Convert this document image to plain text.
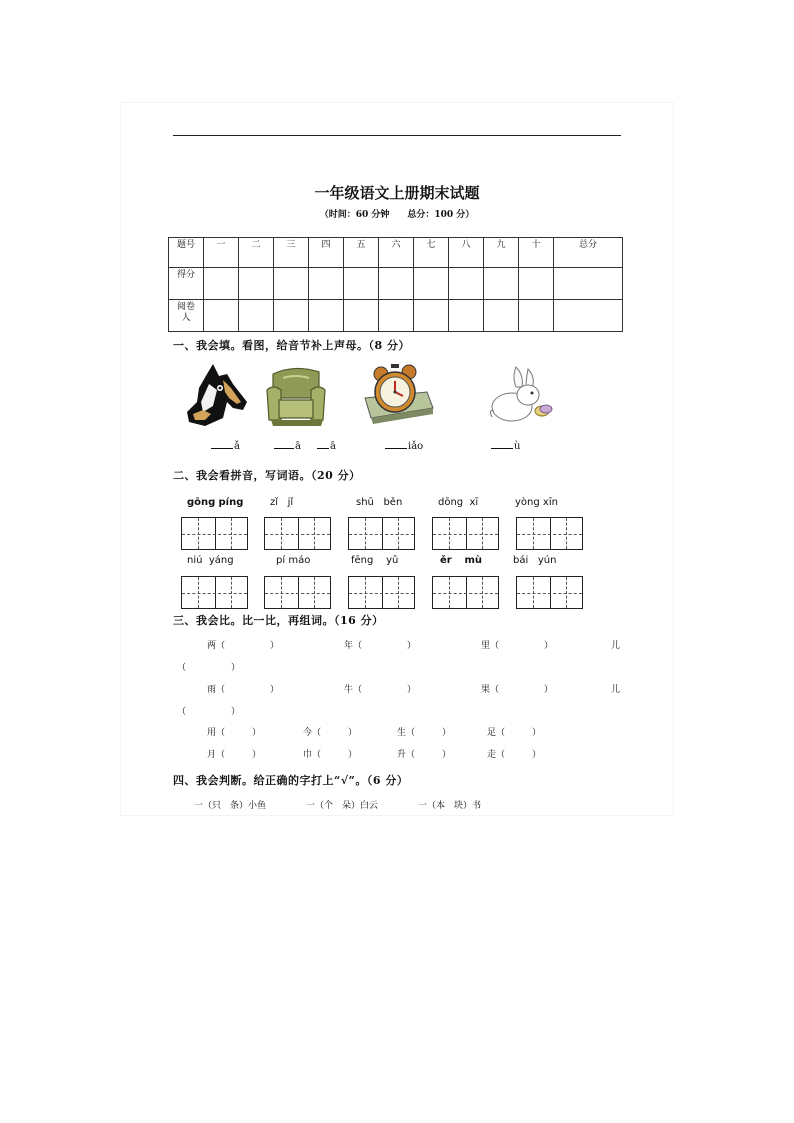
一年级语文上册期末试题
（时间：60 分钟　　总分：100 分）
题号	一	二	三	四	五	六	七	八	九	十	总分
得分											
阅卷人											
一、我会填。看图，给音节补上声母。（8 分）
ǎ	ā	ā	iǎo	ù
二、我会看拼音，写词语。（20 分）
gōng píng	zǐ jǐ	shū běn	dōng xī	yòng xīn
niú yáng	pí máo	fēng yǔ	ěr mù	bái yún
三、我会比。比一比，再组词。（16 分）
两（　　　　　）	年（　　　　　）	里（　　　　　）	儿
（　　　　　）
雨（　　　　　）	牛（　　　　　）	果（　　　　　）	儿
（　　　　　）
用（　　　）	今（　　　）	生（　　　）	足（　　　）
月（　　　）	巾（　　　）	升（　　　）	走（　　　）
四、我会判断。给正确的字打上“√”。（6 分）
一（只　条）小鱼	一（个　朵）白云	一（本　块）书
